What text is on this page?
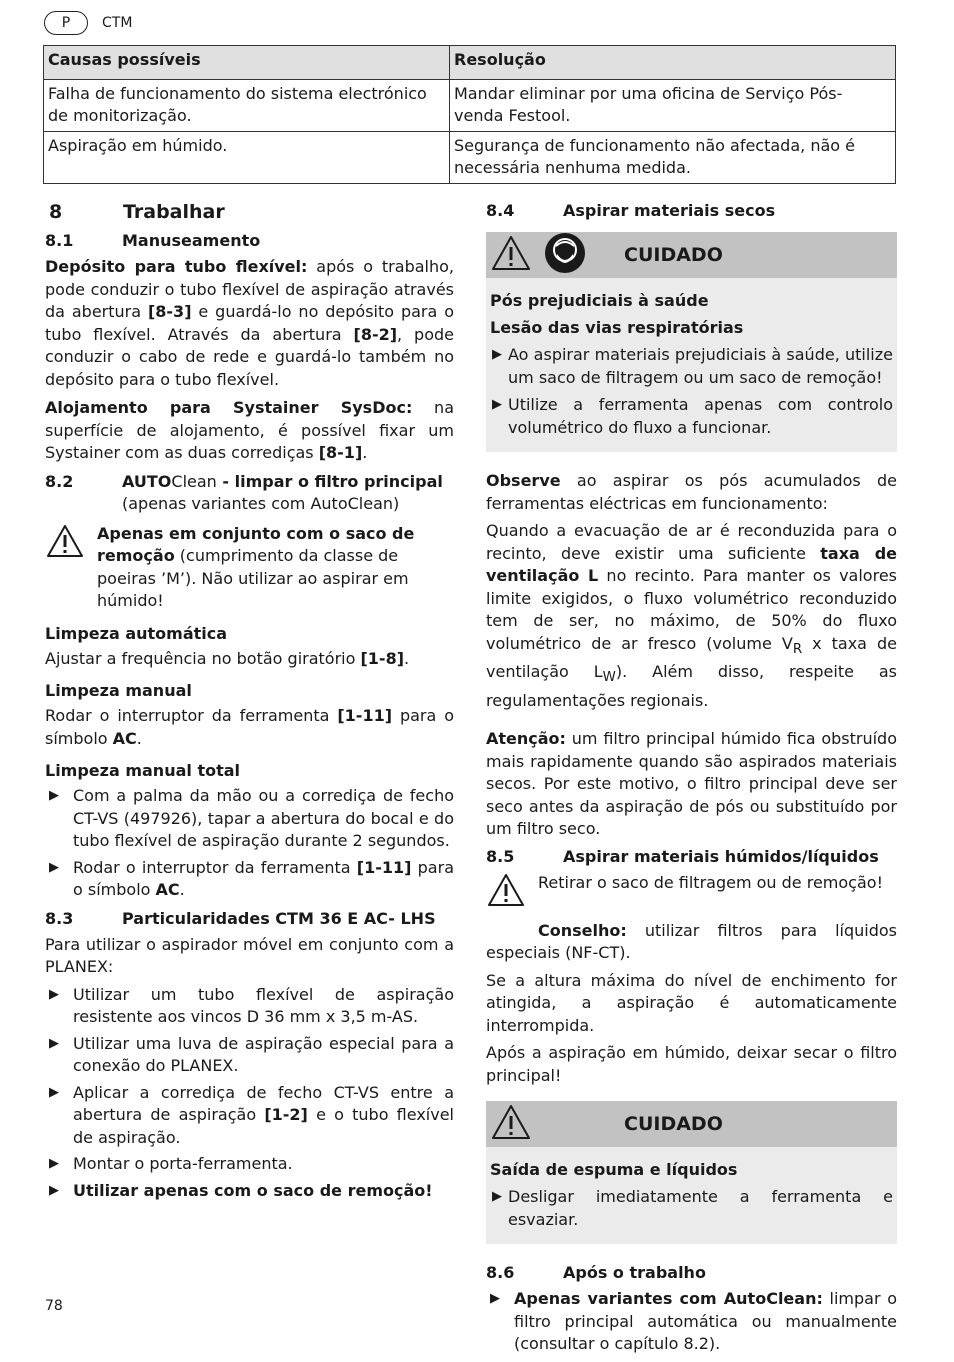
P	CTM
Causas possíveis	Resolução
Falha de funcionamento do sistema electrónico de monitorização.	Mandar eliminar por uma oficina de Serviço Pós-venda Festool.
Aspiração em húmido.	Segurança de funcionamento não afectada, não é necessária nenhuma medida.
8	Trabalhar
8.1	Manuseamento

Depósito para tubo flexível: após o trabalho, pode conduzir o tubo flexível de aspiração através da abertura [8-3] e guardá-lo no depósito para o tubo flexível. Através da abertura [8-2], pode conduzir o cabo de rede e guardá-lo também no depósito para o tubo flexível.

Alojamento para Systainer SysDoc: na superfície de alojamento, é possível fixar um Systainer com as duas corrediças [8-1].

8.2	AUTOClean - limpar o filtro principal
(apenas variantes com AutoClean)
Apenas em conjunto com o saco de remoção (cumprimento da classe de poeiras ’M’). Não utilizar ao aspirar em húmido!
Limpeza automática

Ajustar a frequência no botão giratório [1-8].

Limpeza manual

Rodar o interruptor da ferramenta [1-11] para o símbolo AC.

Limpeza manual total
▶ Com a palma da mão ou a corrediça de fecho CT-VS (497926), tapar a abertura do bocal e do tubo flexível de aspiração durante 2 segundos.
▶ Rodar o interruptor da ferramenta [1-11] para o símbolo AC.
8.3	Particularidades CTM 36 E AC- LHS

Para utilizar o aspirador móvel em conjunto com a PLANEX:

▶ Utilizar um tubo flexível de aspiração resistente aos vincos D 36 mm x 3,5 m-AS.
▶ Utilizar uma luva de aspiração especial para a conexão do PLANEX.
▶ Aplicar a corrediça de fecho CT-VS entre a abertura de aspiração [1-2] e o tubo flexível de aspiração.
▶ Montar o porta-ferramenta.
▶ Utilizar apenas com o saco de remoção!
8.4	Aspirar materiais secos
CUIDADO
Pós prejudiciais à saúde
Lesão das vias respiratórias
▶ Ao aspirar materiais prejudiciais à saúde, utilize um saco de filtragem ou um saco de remoção!
▶ Utilize a ferramenta apenas com controlo volumétrico do fluxo a funcionar.

Observe ao aspirar os pós acumulados de ferramentas eléctricas em funcionamento:

Quando a evacuação de ar é reconduzida para o recinto, deve existir uma suficiente taxa de ventilação L no recinto. Para manter os valores limite exigidos, o fluxo volumétrico reconduzido tem de ser, no máximo, de 50% do fluxo volumétrico de ar fresco (volume $V_R$ x taxa de ventilação $L_W$). Além disso, respeite as regulamentações regionais.

Atenção: um filtro principal húmido fica obstruído mais rapidamente quando são aspirados materiais secos. Por este motivo, o filtro principal deve ser seco antes da aspiração de pós ou substituído por um filtro seco.

8.5	Aspirar materiais húmidos/líquidos
Retirar o saco de filtragem ou de remoção!

Conselho: utilizar filtros para líquidos especiais (NF-CT).

Se a altura máxima do nível de enchimento for atingida, a aspiração é automaticamente interrompida.

Após a aspiração em húmido, deixar secar o filtro principal!

CUIDADO
Saída de espuma e líquidos
▶ Desligar imediatamente a ferramenta e esvaziar.
8.6	Após o trabalho
▶ Apenas variantes com AutoClean: limpar o filtro principal automática ou manualmente (consultar o capítulo 8.2).
78
